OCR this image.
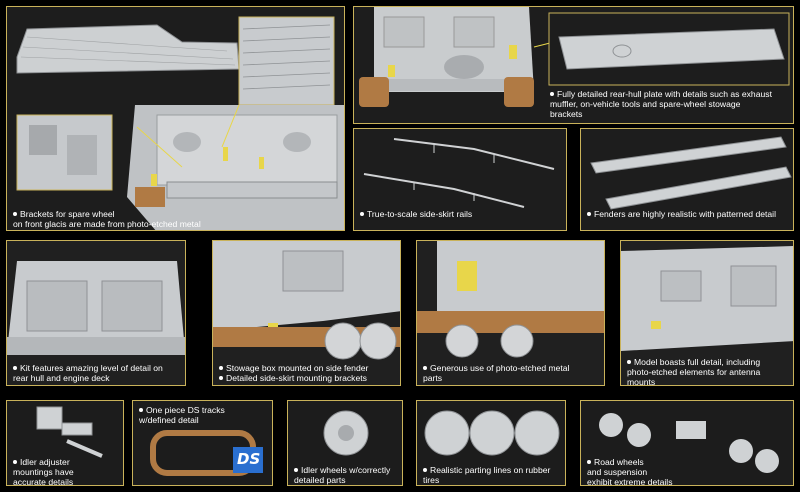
Brackets for spare wheel
on front glacis are made from photo-etched metal
Fully detailed rear-hull plate with details such as exhaust
muffler, on-vehicle tools and spare-wheel stowage
brackets
True-to-scale side-skirt rails	Fenders are highly realistic with patterned detail
Kit features amazing level of detail on
rear hull and engine deck
Stowage box mounted on side fender
Detailed side-skirt mounting brackets
Generous use of photo-etched metal
parts
Model boasts full detail, including
photo-etched elements for antenna
mounts
Idler adjuster
mountings have
accurate details
DS
One piece DS tracks
w/defined detail
Idler wheels w/correctly
detailed parts
Realistic parting lines on rubber
tires
Road wheels
and suspension
exhibit extreme details
